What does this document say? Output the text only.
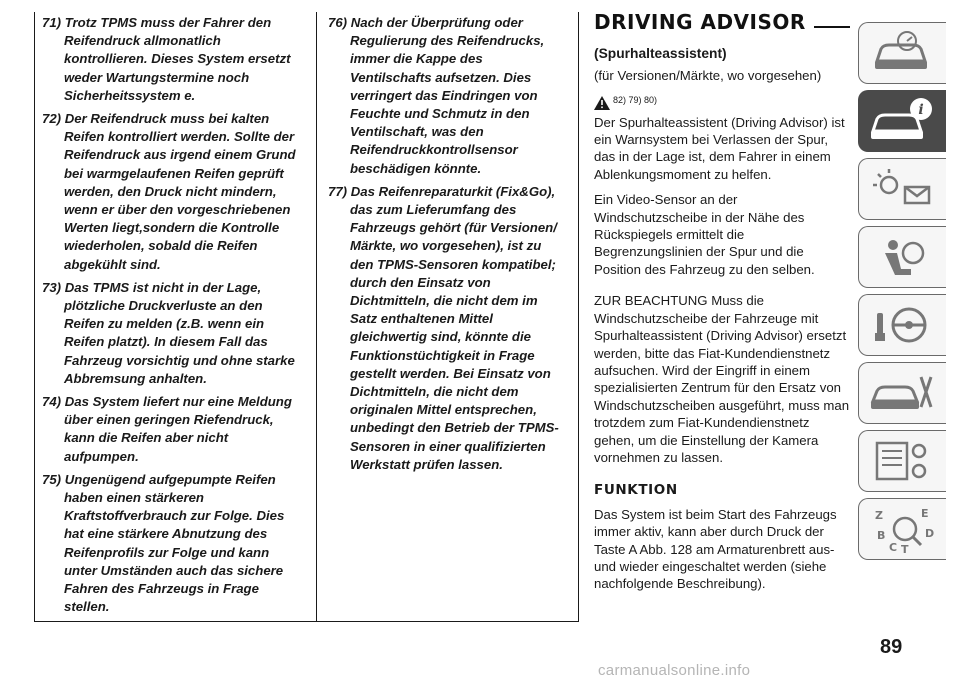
71) Trotz TPMS muss der Fahrer den Reifendruck allmonatlich kontrollieren. Dieses System ersetzt weder Wartungstermine noch Sicherheitssystem e.

72) Der Reifendruck muss bei kalten Reifen kontrolliert werden. Sollte der Reifendruck aus irgend einem Grund bei warmgelaufenen Reifen geprüft werden, den Druck nicht mindern, wenn er über den vorgeschriebenen Werten liegt,sondern die Kontrolle wiederholen, sobald die Reifen abgekühlt sind.

73) Das TPMS ist nicht in der Lage, plötzliche Druckverluste an den Reifen zu melden (z.B. wenn ein Reifen platzt). In diesem Fall das Fahrzeug vorsichtig und ohne starke Abbremsung anhalten.

74) Das System liefert nur eine Meldung über einen geringen Riefendruck, kann die Reifen aber nicht aufpumpen.

75) Ungenügend aufgepumpte Reifen haben einen stärkeren Kraftstoffverbrauch zur Folge. Dies hat eine stärkere Abnutzung des Reifenprofils zur Folge und kann unter Umständen auch das sichere Fahren des Fahrzeugs in Frage stellen.

76) Nach der Überprüfung oder Regulierung des Reifendrucks, immer die Kappe des Ventilschafts aufsetzen. Dies verringert das Eindringen von Feuchte und Schmutz in den Ventilschaft, was den Reifendruckkontrollsensor beschädigen könnte.

77) Das Reifenreparaturkit (Fix&Go), das zum Lieferumfang des Fahrzeugs gehört (für Versionen/ Märkte, wo vorgesehen), ist zu den TPMS-Sensoren kompatibel; durch den Einsatz von Dichtmitteln, die nicht dem im Satz enthaltenen Mittel gleichwertig sind, könnte die Funktionstüchtigkeit in Frage gestellt werden. Bei Einsatz von Dichtmitteln, die nicht dem originalen Mittel entsprechen, unbedingt den Betrieb der TPMS-Sensoren in einer qualifizierten Werkstatt prüfen lassen.

DRIVING ADVISOR
(Spurhalteassistent)

(für Versionen/Märkte, wo vorgesehen)

82) 79) 80)

Der Spurhalteassistent (Driving Advisor) ist ein Warnsystem bei Verlassen der Spur, das in der Lage ist, dem Fahrer in einem Ablenkungsmoment zu helfen.

Ein Video-Sensor an der Windschutzscheibe in der Nähe des Rückspiegels ermittelt die Begrenzungslinien der Spur und die Position des Fahrzeug zu den selben.

ZUR BEACHTUNG Muss die Windschutzscheibe der Fahrzeuge mit Spurhalteassistent (Driving Advisor) ersetzt werden, bitte das Fiat-Kundendienstnetz aufsuchen. Wird der Eingriff in einem spezialisierten Zentrum für den Ersatz von Windschutzscheiben ausgeführt, muss man trotzdem zum Fiat-Kundendienstnetz gehen, um die Einstellung der Kamera vornehmen zu lassen.

FUNKTION

Das System ist beim Start des Fahrzeugs immer aktiv, kann aber durch Druck der Taste A Abb. 128 am Armaturenbrett aus- und wieder eingeschaltet werden (siehe nachfolgende Beschreibung).

i
Z	E
B	D
C T
89
carmanualsonline.info
